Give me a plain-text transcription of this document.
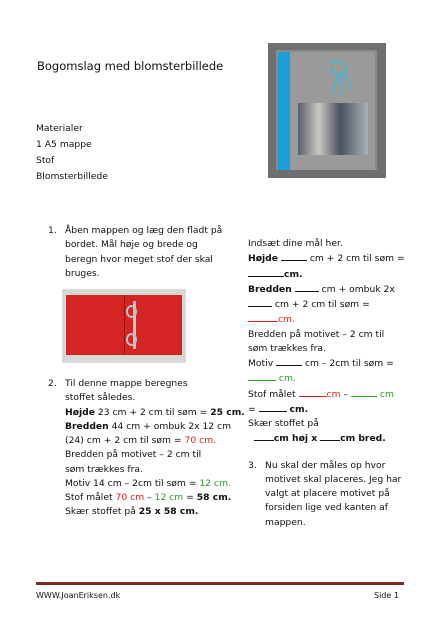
Bogomslag med blomsterbillede
Materialer
1 A5 mappe
Stof
Blomsterbillede
1. Åben mappen og læg den fladt på
bordet. Mål høje og brede og
beregn hvor meget stof der skal
bruges.
2. Til denne mappe beregnes
stoffet således.
Højde 23 cm + 2 cm til søm = 25 cm.
Bredden 44 cm + ombuk 2x 12 cm
(24) cm + 2 cm til søm = 70 cm.
Bredden på motivet – 2 cm til
søm trækkes fra.
Motiv 14 cm – 2cm til søm = 12 cm.
Stof målet 70 cm – 12 cm = 58 cm.
Skær stoffet på 25 x 58 cm.
Indsæt dine mål her.
Højde	cm + 2 cm til søm =
cm.
Bredden	cm + ombuk 2x
cm + 2 cm til søm =
cm.
Bredden på motivet – 2 cm til
søm trækkes fra.
Motiv	cm – 2cm til søm =
cm.
Stof målet	cm –	cm
=	cm.
Skær stoffet på
cm høj x cm bred.
3. Nu skal der måles op hvor
motivet skal placeres. Jeg har
valgt at placere motivet på
forsiden lige ved kanten af
mappen.
WWW.JoanEriksen.dk	Side 1
